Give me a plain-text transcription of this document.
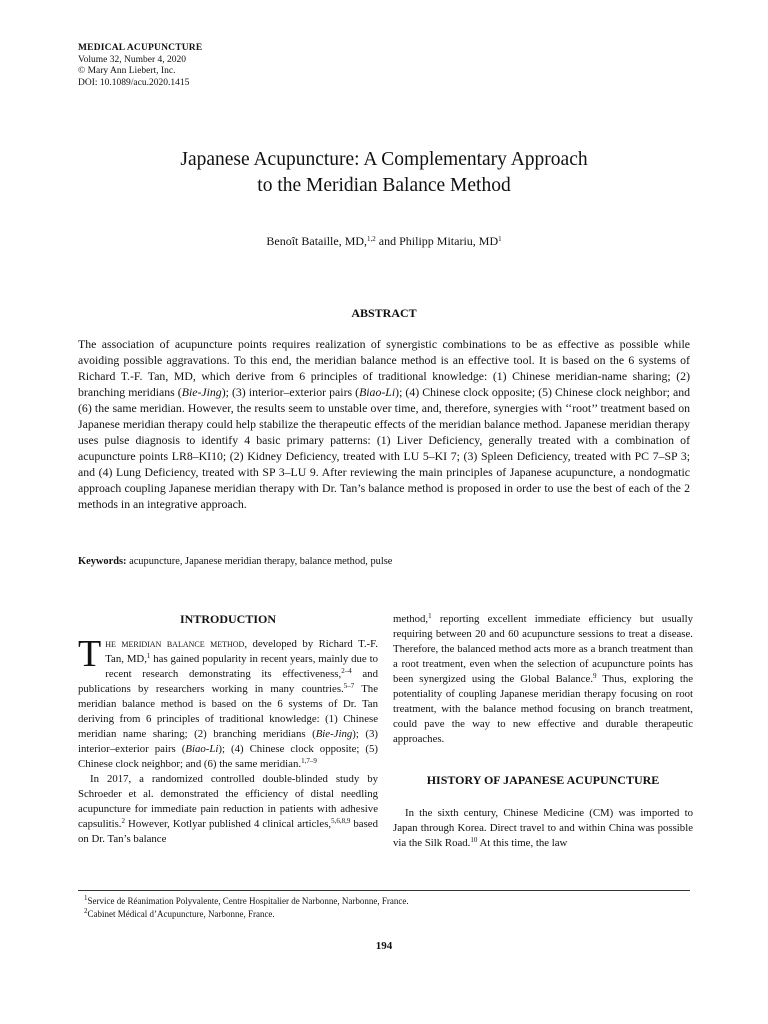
MEDICAL ACUPUNCTURE
Volume 32, Number 4, 2020
© Mary Ann Liebert, Inc.
DOI: 10.1089/acu.2020.1415
Japanese Acupuncture: A Complementary Approach
to the Meridian Balance Method
Benoît Bataille, MD,$^{1,2}$ and Philipp Mitariu, $MD^1$
ABSTRACT

The association of acupuncture points requires realization of synergistic combinations to be as effective as possible while avoiding possible aggravations. To this end, the meridian balance method is an effective tool. It is based on the 6 systems of Richard T.-F. Tan, MD, which derive from 6 principles of traditional knowledge: (1) Chinese meridian-name sharing; (2) branching meridians (Bie-Jing); (3) interior–exterior pairs (Biao-Li); (4) Chinese clock opposite; (5) Chinese clock neighbor; and (6) the same meridian. However, the results seem to unstable over time, and, therefore, synergies with ‘‘root’’ treatment based on Japanese meridian therapy could help stabilize the therapeutic effects of the meridian balance method. Japanese meridian therapy uses pulse diagnosis to identify 4 basic primary patterns: (1) Liver Deficiency, generally treated with a combination of acupuncture points LR8–KI10; (2) Kidney Deficiency, treated with LU 5–KI 7; (3) Spleen Deficiency, treated with PC 7–SP 3; and (4) Lung Deficiency, treated with SP 3–LU 9. After reviewing the main principles of Japanese acupuncture, a nondogmatic approach coupling Japanese meridian therapy with Dr. Tan’s balance method is proposed in order to use the best of each of the 2 methods in an integrative approach.

Keywords: acupuncture, Japanese meridian therapy, balance method, pulse

INTRODUCTION

The meridian balance method, developed by Richard T.-F. Tan, MD,$^1$ has gained popularity in recent years, mainly due to recent research demonstrating its effectiveness,$^{2-4}$ and publications by researchers working in many countries.$^{5-7}$ The meridian balance method is based on the 6 systems of Dr. Tan deriving from 6 principles of traditional knowledge: (1) Chinese meridian name sharing; (2) branching meridians (Bie-Jing); (3) interior–exterior pairs (Biao-Li); (4) Chinese clock opposite; (5) Chinese clock neighbor; and (6) the same meridian.$^{1,7-9}$

In 2017, a randomized controlled double-blinded study by Schroeder et al. demonstrated the efficiency of distal needling acupuncture for immediate pain reduction in patients with adhesive capsulitis.$^2$ However, Kotlyar published 4 clinical articles,$^{5,6,8,9}$ based on Dr. Tan’s balance

method,$^1$ reporting excellent immediate efficiency but usually requiring between 20 and 60 acupuncture sessions to treat a disease. Therefore, the balanced method acts more as a branch treatment than a root treatment, even when the selection of acupuncture points has been synergized using the Global Balance.$^9$ Thus, exploring the potentiality of coupling Japanese meridian therapy focusing on root treatment, with the balance method focusing on branch treatment, could pave the way to new effective and durable therapeutic approaches.

HISTORY OF JAPANESE ACUPUNCTURE

In the sixth century, Chinese Medicine (CM) was imported to Japan through Korea. Direct travel to and within China was possible via the Silk Road.$^{10}$ At this time, the law

$^1$Service de Réanimation Polyvalente, Centre Hospitalier de Narbonne, Narbonne, France.
$^2$Cabinet Médical d’Acupuncture, Narbonne, France.
194
